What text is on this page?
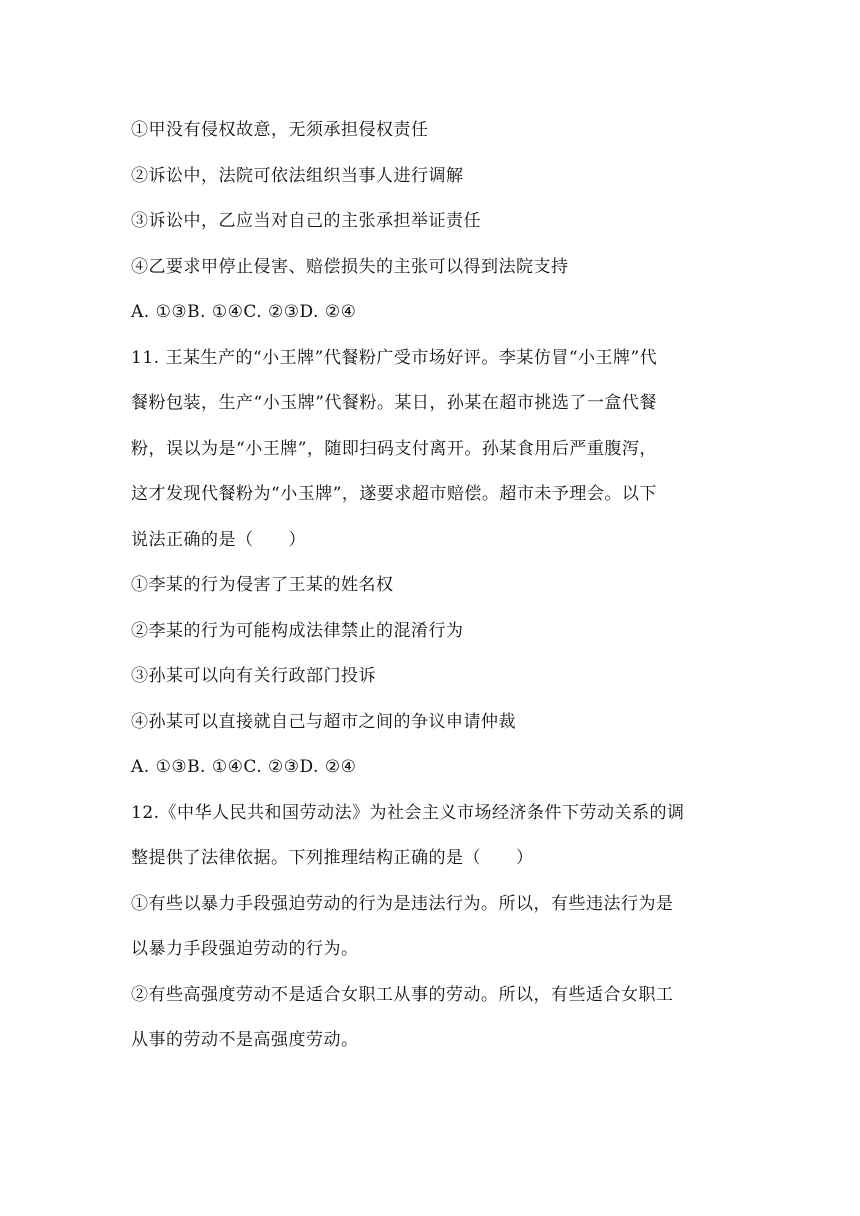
①甲没有侵权故意，无须承担侵权责任
②诉讼中，法院可依法组织当事人进行调解
③诉讼中，乙应当对自己的主张承担举证责任
④乙要求甲停止侵害、赔偿损失的主张可以得到法院支持
A. ①③B. ①④C. ②③D. ②④
11. 王某生产的“小王牌”代餐粉广受市场好评。李某仿冒“小王牌”代
餐粉包装，生产“小玉牌”代餐粉。某日，孙某在超市挑选了一盒代餐
粉，误以为是“小王牌”，随即扫码支付离开。孙某食用后严重腹泻，
这才发现代餐粉为“小玉牌”，遂要求超市赔偿。超市未予理会。以下
说法正确的是（　　）
①李某的行为侵害了王某的姓名权
②李某的行为可能构成法律禁止的混淆行为
③孙某可以向有关行政部门投诉
④孙某可以直接就自己与超市之间的争议申请仲裁
A. ①③B. ①④C. ②③D. ②④
12.《中华人民共和国劳动法》为社会主义市场经济条件下劳动关系的调
整提供了法律依据。下列推理结构正确的是（　　）
①有些以暴力手段强迫劳动的行为是违法行为。所以，有些违法行为是
以暴力手段强迫劳动的行为。
②有些高强度劳动不是适合女职工从事的劳动。所以，有些适合女职工
从事的劳动不是高强度劳动。
